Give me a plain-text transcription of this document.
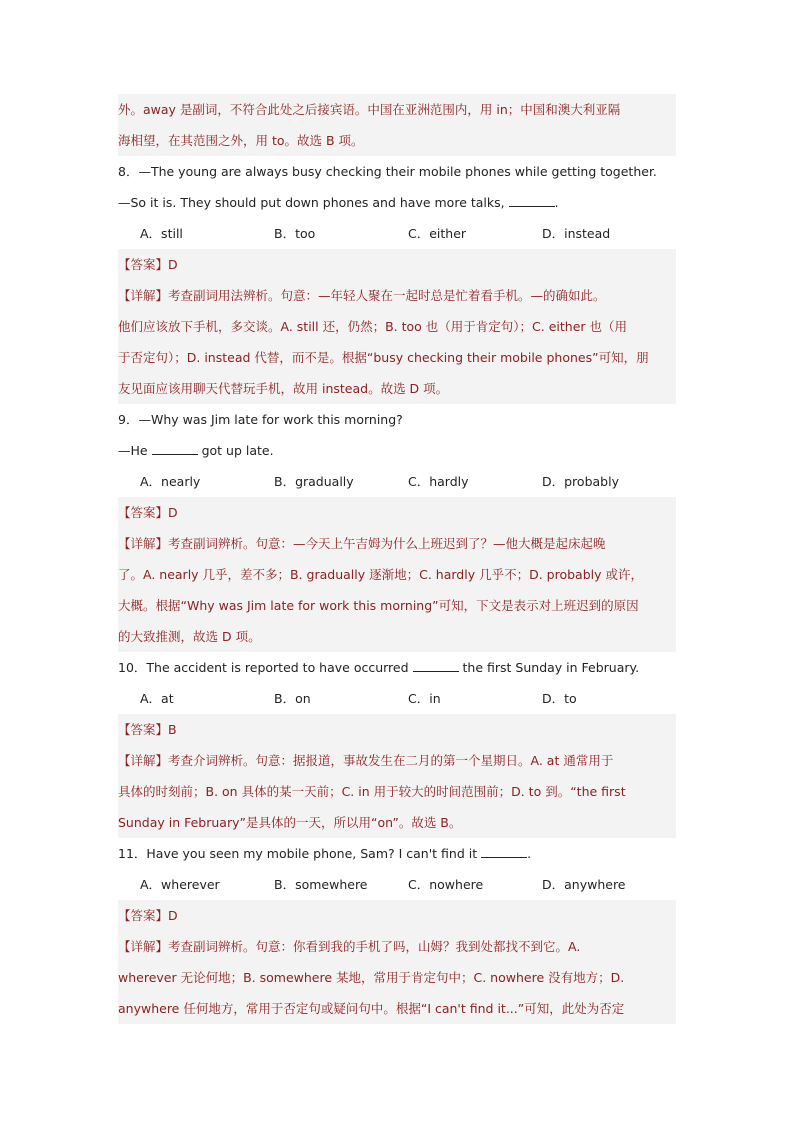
外。away 是副词，不符合此处之后接宾语。中国在亚洲范围内，用 in；中国和澳大利亚隔
海相望，在其范围之外，用 to。故选 B 项。
8．—The young are always busy checking their mobile phones while getting together.
—So it is. They should put down phones and have more talks,	.
A．still	B．too	C．either	D．instead
【答案】D
【详解】考查副词用法辨析。句意：—年轻人聚在一起时总是忙着看手机。—的确如此。
他们应该放下手机，多交谈。A. still 还，仍然；B. too 也（用于肯定句）；C. either 也（用
于否定句）；D. instead 代替，而不是。根据“busy checking their mobile phones”可知，朋
友见面应该用聊天代替玩手机，故用 instead。故选 D 项。
9．—Why was Jim late for work this morning?
—He	got up late.
A．nearly	B．gradually	C．hardly	D．probably
【答案】D
【详解】考查副词辨析。句意：—今天上午吉姆为什么上班迟到了？—他大概是起床起晚
了。A. nearly 几乎，差不多；B. gradually 逐渐地；C. hardly 几乎不；D. probably 或许，
大概。根据“Why was Jim late for work this morning”可知，下文是表示对上班迟到的原因
的大致推测，故选 D 项。
10．The accident is reported to have occurred	the first Sunday in February.
A．at	B．on	C．in	D．to
【答案】B
【详解】考查介词辨析。句意：据报道，事故发生在二月的第一个星期日。A. at 通常用于
具体的时刻前；B. on 具体的某一天前；C. in 用于较大的时间范围前；D. to 到。“the first
Sunday in February”是具体的一天，所以用“on”。故选 B。
11．Have you seen my mobile phone, Sam? I can't find it	.
A．wherever	B．somewhere	C．nowhere	D．anywhere
【答案】D
【详解】考查副词辨析。句意：你看到我的手机了吗，山姆？我到处都找不到它。A.
wherever 无论何地；B. somewhere 某地，常用于肯定句中；C. nowhere 没有地方；D.
anywhere 任何地方，常用于否定句或疑问句中。根据“I can't find it...”可知，此处为否定
